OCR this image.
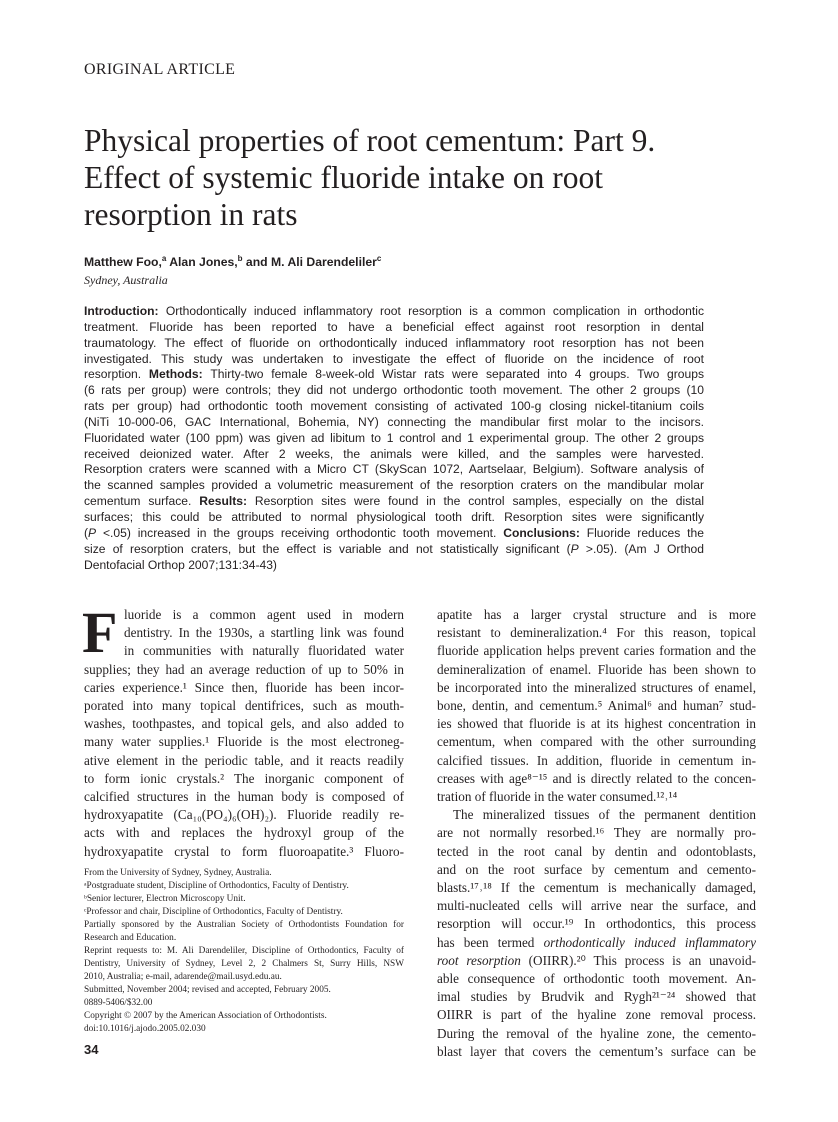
ORIGINAL ARTICLE
Physical properties of root cementum: Part 9. Effect of systemic fluoride intake on root resorption in rats
Matthew Foo,$^a$ Alan Jones,$^b$ and M. Ali Darendeliler$^c$
Sydney, Australia
Introduction: Orthodontically induced inflammatory root resorption is a common complication in orthodontic
treatment. Fluoride has been reported to have a beneficial effect against root resorption in dental
traumatology. The effect of fluoride on orthodontically induced inflammatory root resorption has not been
investigated. This study was undertaken to investigate the effect of fluoride on the incidence of root
resorption. Methods: Thirty-two female 8-week-old Wistar rats were separated into 4 groups. Two groups
(6 rats per group) were controls; they did not undergo orthodontic tooth movement. The other 2 groups (10
rats per group) had orthodontic tooth movement consisting of activated 100-g closing nickel-titanium coils
(NiTi 10-000-06, GAC International, Bohemia, NY) connecting the mandibular first molar to the incisors.
Fluoridated water (100 ppm) was given ad libitum to 1 control and 1 experimental group. The other 2 groups
received deionized water. After 2 weeks, the animals were killed, and the samples were harvested.
Resorption craters were scanned with a Micro CT (SkyScan 1072, Aartselaar, Belgium). Software analysis of
the scanned samples provided a volumetric measurement of the resorption craters on the mandibular molar
cementum surface. Results: Resorption sites were found in the control samples, especially on the distal
surfaces; this could be attributed to normal physiological tooth drift. Resorption sites were significantly
(P <.05) increased in the groups receiving orthodontic tooth movement. Conclusions: Fluoride reduces the
size of resorption craters, but the effect is variable and not statistically significant (P >.05). (Am J Orthod
Dentofacial Orthop 2007;131:34-43)
F luoride is a common agent used in modern
dentistry. In the 1930s, a startling link was found
in communities with naturally fluoridated water
supplies; they had an average reduction of up to 50% in
caries experience.¹ Since then, fluoride has been incor-
porated into many topical dentifrices, such as mouth-
washes, toothpastes, and topical gels, and also added to
many water supplies.¹ Fluoride is the most electroneg-
ative element in the periodic table, and it reacts readily
to form ionic crystals.² The inorganic component of
calcified structures in the human body is composed of
hydroxyapatite (Ca₁₀(PO₄)₆(OH)₂). Fluoride readily re-
acts with and replaces the hydroxyl group of the
hydroxyapatite crystal to form fluoroapatite.³ Fluoro-
apatite has a larger crystal structure and is more
resistant to demineralization.⁴ For this reason, topical
fluoride application helps prevent caries formation and the
demineralization of enamel. Fluoride has been shown to
be incorporated into the mineralized structures of enamel,
bone, dentin, and cementum.⁵ Animal⁶ and human⁷ stud-
ies showed that fluoride is at its highest concentration in
cementum, when compared with the other surrounding
calcified tissues. In addition, fluoride in cementum in-
creases with age⁸⁻¹⁵ and is directly related to the concen-
tration of fluoride in the water consumed.¹²˒¹⁴
The mineralized tissues of the permanent dentition
are not normally resorbed.¹⁶ They are normally pro-
tected in the root canal by dentin and odontoblasts,
and on the root surface by cementum and cemento-
blasts.¹⁷˒¹⁸ If the cementum is mechanically damaged,
multi-nucleated cells will arrive near the surface, and
resorption will occur.¹⁹ In orthodontics, this process
has been termed orthodontically induced inflammatory
root resorption (OIIRR).²⁰ This process is an unavoid-
able consequence of orthodontic tooth movement. An-
imal studies by Brudvik and Rygh²¹⁻²⁴ showed that
OIIRR is part of the hyaline zone removal process.
During the removal of the hyaline zone, the cemento-
blast layer that covers the cementum’s surface can be
From the University of Sydney, Sydney, Australia.
ᵃPostgraduate student, Discipline of Orthodontics, Faculty of Dentistry.
ᵇSenior lecturer, Electron Microscopy Unit.
ᶜProfessor and chair, Discipline of Orthodontics, Faculty of Dentistry.
Partially sponsored by the Australian Society of Orthodontists Foundation for
Research and Education.
Reprint requests to: M. Ali Darendeliler, Discipline of Orthodontics, Faculty of
Dentistry, University of Sydney, Level 2, 2 Chalmers St, Surry Hills, NSW
2010, Australia; e-mail, adarende@mail.usyd.edu.au.
Submitted, November 2004; revised and accepted, February 2005.
0889-5406/$32.00
Copyright © 2007 by the American Association of Orthodontists.
doi:10.1016/j.ajodo.2005.02.030
34
